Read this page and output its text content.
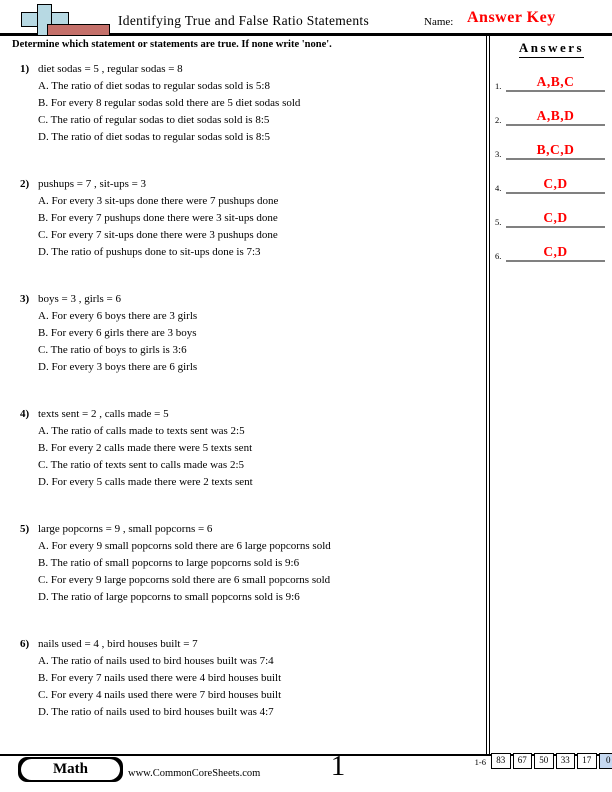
Identifying True and False Ratio Statements	Name: Answer Key
Determine which statement or statements are true. If none write 'none'.
1) diet sodas = 5 , regular sodas = 8
A. The ratio of diet sodas to regular sodas sold is 5:8
B. For every 8 regular sodas sold there are 5 diet sodas sold
C. The ratio of regular sodas to diet sodas sold is 8:5
D. The ratio of diet sodas to regular sodas sold is 8:5
2) pushups = 7 , sit-ups = 3
A. For every 3 sit-ups done there were 7 pushups done
B. For every 7 pushups done there were 3 sit-ups done
C. For every 7 sit-ups done there were 3 pushups done
D. The ratio of pushups done to sit-ups done is 7:3
3) boys = 3 , girls = 6
A. For every 6 boys there are 3 girls
B. For every 6 girls there are 3 boys
C. The ratio of boys to girls is 3:6
D. For every 3 boys there are 6 girls
4) texts sent = 2 , calls made = 5
A. The ratio of calls made to texts sent was 2:5
B. For every 2 calls made there were 5 texts sent
C. The ratio of texts sent to calls made was 2:5
D. For every 5 calls made there were 2 texts sent
5) large popcorns = 9 , small popcorns = 6
A. For every 9 small popcorns sold there are 6 large popcorns sold
B. The ratio of small popcorns to large popcorns sold is 9:6
C. For every 9 large popcorns sold there are 6 small popcorns sold
D. The ratio of large popcorns to small popcorns sold is 9:6
6) nails used = 4 , bird houses built = 7
A. The ratio of nails used to bird houses built was 7:4
B. For every 7 nails used there were 4 bird houses built
C. For every 4 nails used there were 7 bird houses built
D. The ratio of nails used to bird houses built was 4:7
Answers
1.	A,B,C
2.	A,B,D
3.	B,C,D
4.	C,D
5.	C,D
6.	C,D
Math	www.CommonCoreSheets.com	1	1-6	83	67	50	33	17	0
